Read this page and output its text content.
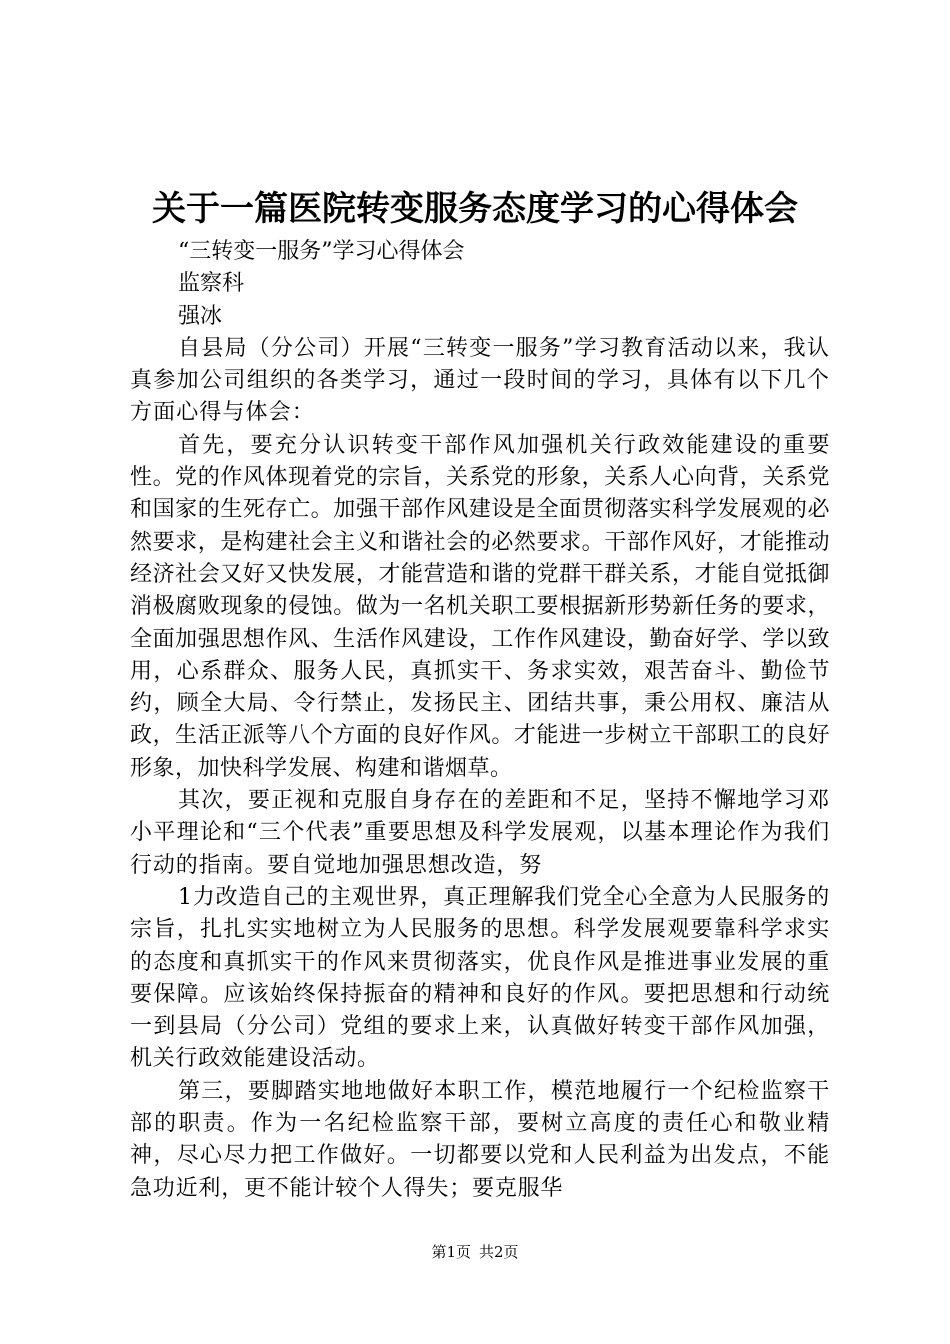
关于一篇医院转变服务态度学习的心得体会

“三转变一服务”学习心得体会

监察科

强冰

自县局（分公司）开展“三转变一服务”学习教育活动以来，我认真参加公司组织的各类学习，通过一段时间的学习，具体有以下几个方面心得与体会：

首先，要充分认识转变干部作风加强机关行政效能建设的重要性。党的作风体现着党的宗旨，关系党的形象，关系人心向背，关系党和国家的生死存亡。加强干部作风建设是全面贯彻落实科学发展观的必然要求，是构建社会主义和谐社会的必然要求。干部作风好，才能推动经济社会又好又快发展，才能营造和谐的党群干群关系，才能自觉抵御消极腐败现象的侵蚀。做为一名机关职工要根据新形势新任务的要求，全面加强思想作风、生活作风建设，工作作风建设，勤奋好学、学以致用，心系群众、服务人民，真抓实干、务求实效，艰苦奋斗、勤俭节约，顾全大局、令行禁止，发扬民主、团结共事，秉公用权、廉洁从政，生活正派等八个方面的良好作风。才能进一步树立干部职工的良好形象，加快科学发展、构建和谐烟草。

其次，要正视和克服自身存在的差距和不足，坚持不懈地学习邓小平理论和“三个代表”重要思想及科学发展观，以基本理论作为我们行动的指南。要自觉地加强思想改造，努

1力改造自己的主观世界，真正理解我们党全心全意为人民服务的宗旨，扎扎实实地树立为人民服务的思想。科学发展观要靠科学求实的态度和真抓实干的作风来贯彻落实，优良作风是推进事业发展的重要保障。应该始终保持振奋的精神和良好的作风。要把思想和行动统一到县局（分公司）党组的要求上来，认真做好转变干部作风加强，机关行政效能建设活动。

第三，要脚踏实地地做好本职工作，模范地履行一个纪检监察干部的职责。作为一名纪检监察干部，要树立高度的责任心和敬业精神，尽心尽力把工作做好。一切都要以党和人民利益为出发点，不能急功近利，更不能计较个人得失；要克服华

第1页 共2页
